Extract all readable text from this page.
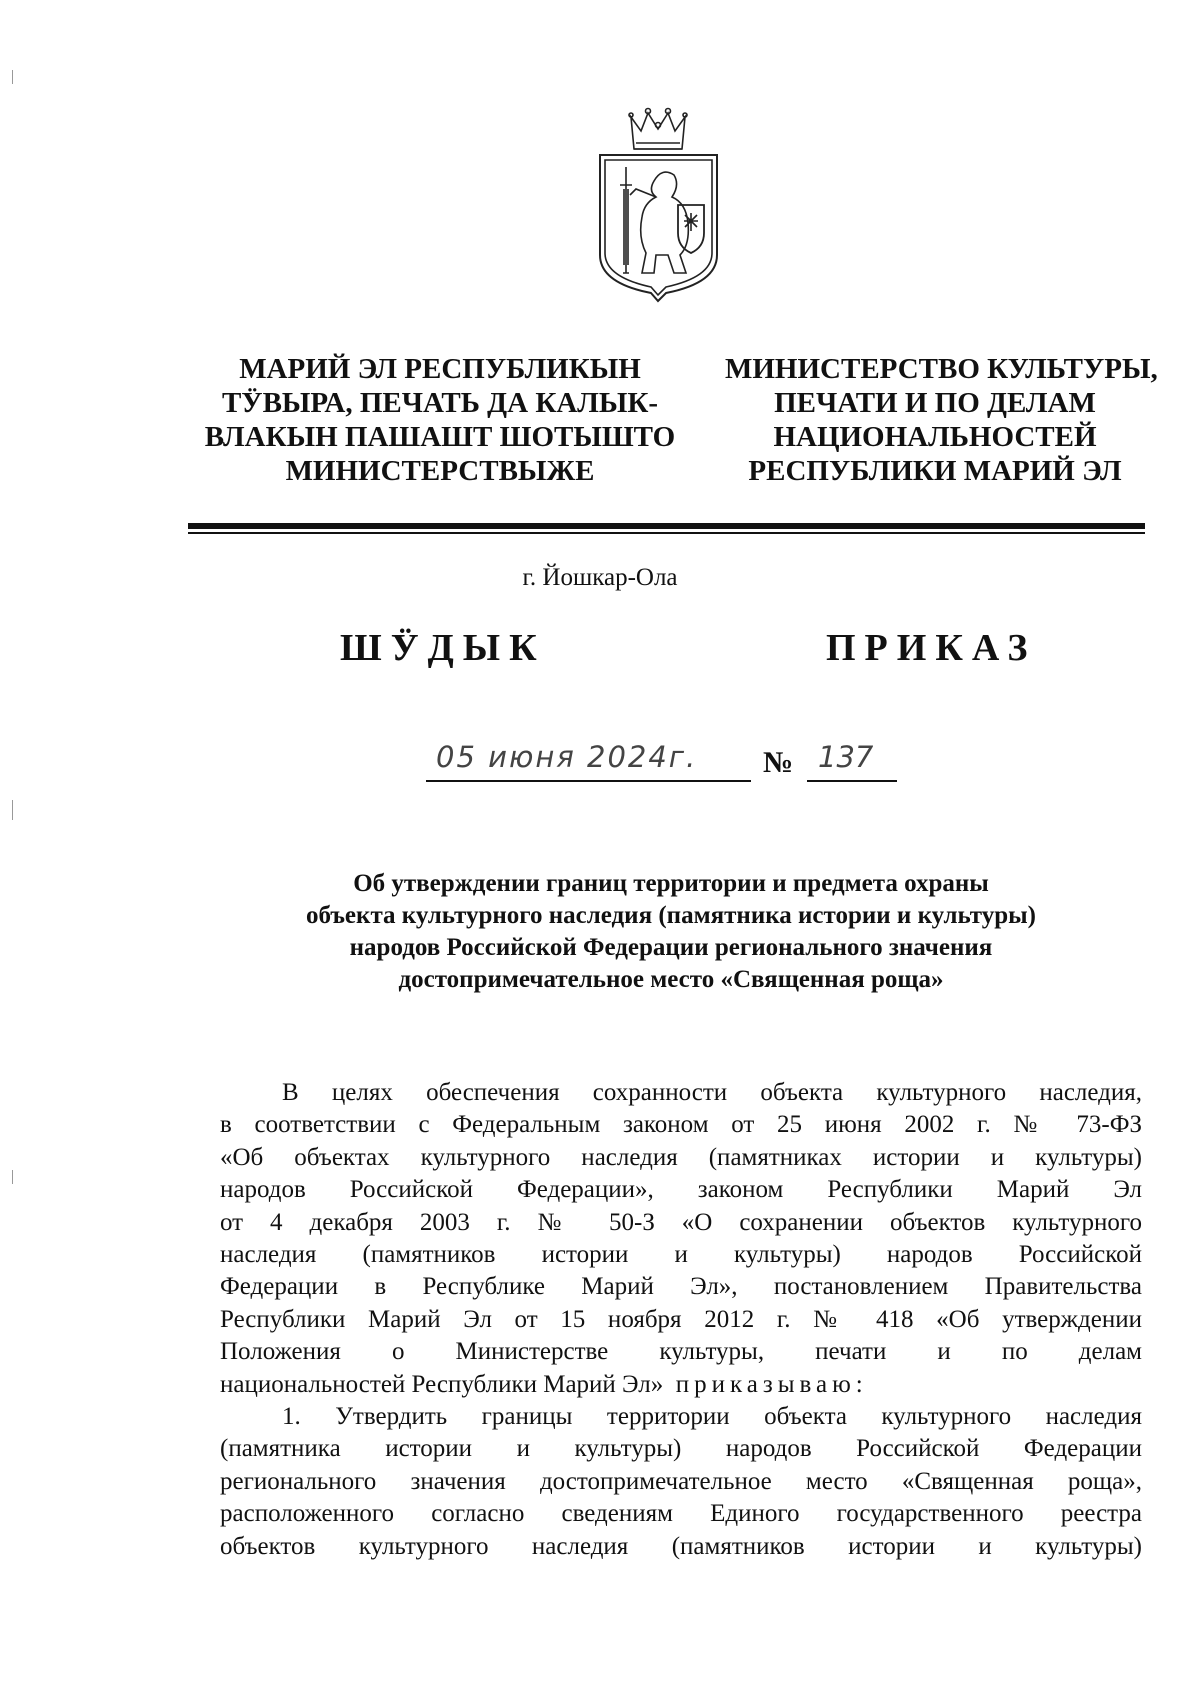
МАРИЙ ЭЛ РЕСПУБЛИКЫН
ТӰВЫРА, ПЕЧАТЬ ДА КАЛЫК-
ВЛАКЫН ПАШАШТ ШОТЫШТО
МИНИСТЕРСТВЫЖЕ
МИНИСТЕРСТВО КУЛЬТУРЫ,
ПЕЧАТИ И ПО ДЕЛАМ
НАЦИОНАЛЬНОСТЕЙ
РЕСПУБЛИКИ МАРИЙ ЭЛ
г. Йошкар-Ола
ШӰДЫК	ПРИКАЗ
05 июня 2024г.	№ 137
Об утверждении границ территории и предмета охраны
объекта культурного наследия (памятника истории и культуры)
народов Российской Федерации регионального значения
достопримечательное место «Священная роща»

В целях обеспечения сохранности объекта культурного наследия,
в соответствии с Федеральным законом от 25 июня 2002 г. № 73-ФЗ
«Об объектах культурного наследия (памятниках истории и культуры)
народов Российской Федерации», законом Республики Марий Эл
от 4 декабря 2003 г. № 50-З «О сохранении объектов культурного
наследия (памятников истории и культуры) народов Российской
Федерации в Республике Марий Эл», постановлением Правительства
Республики Марий Эл от 15 ноября 2012 г. № 418 «Об утверждении
Положения о Министерстве культуры, печати и по делам
национальностей Республики Марий Эл» приказываю:

1. Утвердить границы территории объекта культурного наследия
(памятника истории и культуры) народов Российской Федерации
регионального значения достопримечательное место «Священная роща»,
расположенного согласно сведениям Единого государственного реестра
объектов культурного наследия (памятников истории и культуры)
